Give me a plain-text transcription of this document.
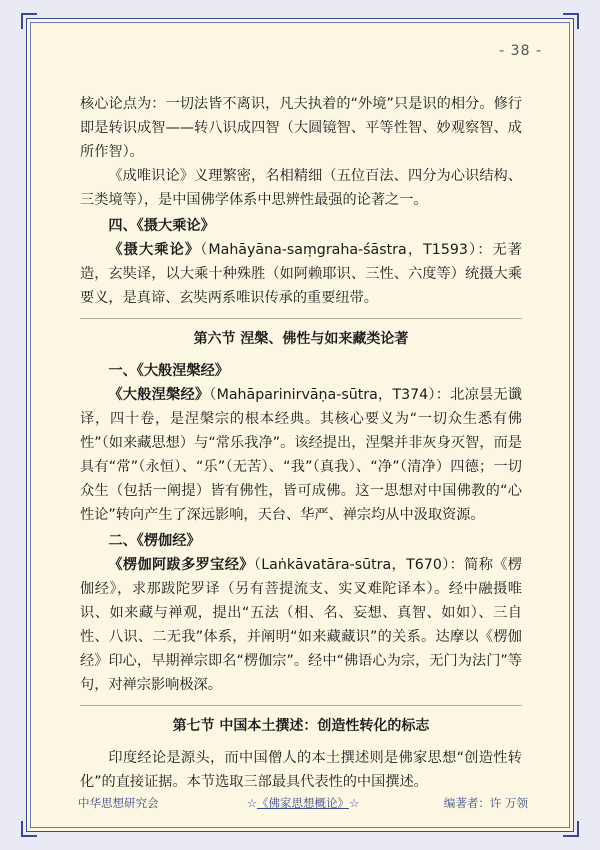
- 38 -

核心论点为：一切法皆不离识，凡夫执着的“外境”只是识的相分。修行即是转识成智——转八识成四智（大圆镜智、平等性智、妙观察智、成所作智）。

《成唯识论》义理繁密，名相精细（五位百法、四分为心识结构、三类境等），是中国佛学体系中思辨性最强的论著之一。

四、《摄大乘论》

《摄大乘论》（Mahāyāna-saṃgraha-śāstra，T1593）：无著造，玄奘译，以大乘十种殊胜（如阿赖耶识、三性、六度等）统摄大乘要义，是真谛、玄奘两系唯识传承的重要纽带。

第六节 涅槃、佛性与如来藏类论著

一、《大般涅槃经》

《大般涅槃经》（Mahāparinirvāṇa-sūtra，T374）：北凉昙无谶译，四十卷，是涅槃宗的根本经典。其核心要义为“一切众生悉有佛性”（如来藏思想）与“常乐我净”。该经提出，涅槃并非灰身灭智，而是具有“常”（永恒）、“乐”（无苦）、“我”（真我）、“净”（清净）四德；一切众生（包括一阐提）皆有佛性，皆可成佛。这一思想对中国佛教的“心性论”转向产生了深远影响，天台、华严、禅宗均从中汲取资源。

二、《楞伽经》

《楞伽阿跋多罗宝经》（Laṅkāvatāra-sūtra，T670）：简称《楞伽经》，求那跋陀罗译（另有菩提流支、实叉难陀译本）。经中融摄唯识、如来藏与禅观，提出“五法（相、名、妄想、真智、如如）、三自性、八识、二无我”体系，并阐明“如来藏藏识”的关系。达摩以《楞伽经》印心，早期禅宗即名“楞伽宗”。经中“佛语心为宗，无门为法门”等句，对禅宗影响极深。

第七节 中国本土撰述：创造性转化的标志

印度经论是源头，而中国僧人的本土撰述则是佛家思想“创造性转化”的直接证据。本节选取三部最具代表性的中国撰述。

中华思想研究会	☆《佛家思想概论》☆	编著者：许 万领
